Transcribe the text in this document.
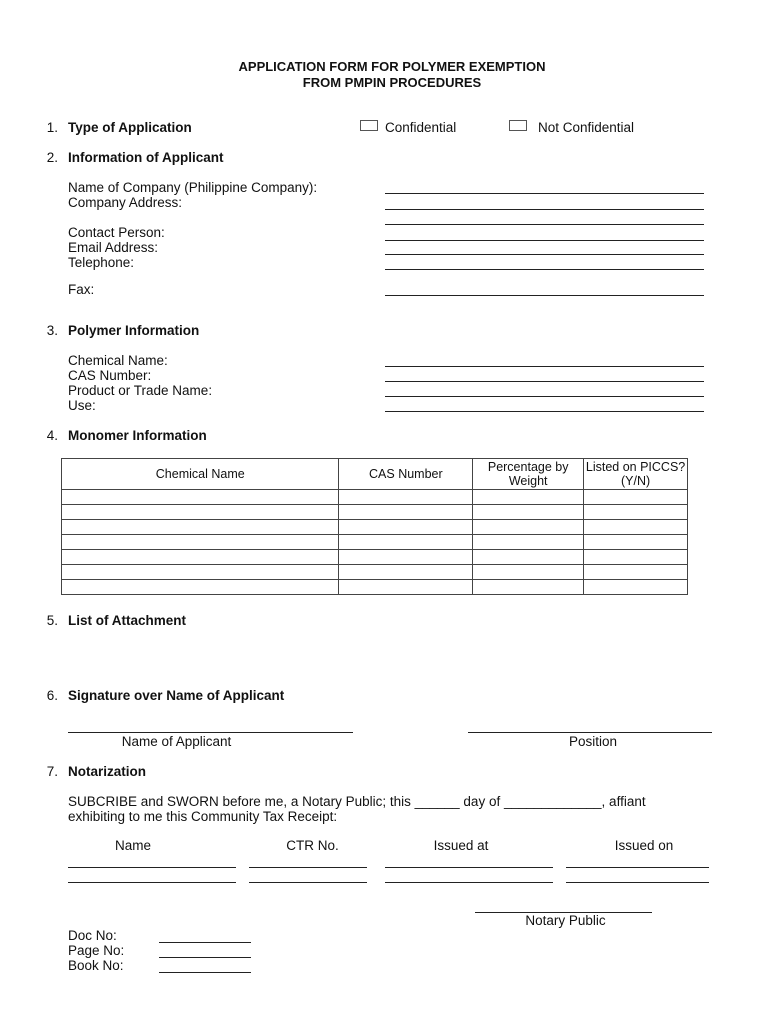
APPLICATION FORM FOR POLYMER EXEMPTION
FROM PMPIN PROCEDURES
1. Type of Application	Confidential	Not Confidential
2. Information of Applicant
Name of Company (Philippine Company):
Company Address:
Contact Person:
Email Address:
Telephone:
Fax:
3. Polymer Information
Chemical Name:
CAS Number:
Product or Trade Name:
Use:
4. Monomer Information
Chemical Name	CAS Number	Percentage by Weight	Listed on PICCS? (Y/N)

5. List of Attachment
6. Signature over Name of Applicant
Name of Applicant	Position
7. Notarization
SUBCRIBE and SWORN before me, a Notary Public; this ______ day of _____________, affiant
exhibiting to me this Community Tax Receipt:
Name	CTR No.	Issued at	Issued on
Notary Public
Doc No:
Page No:
Book No:
